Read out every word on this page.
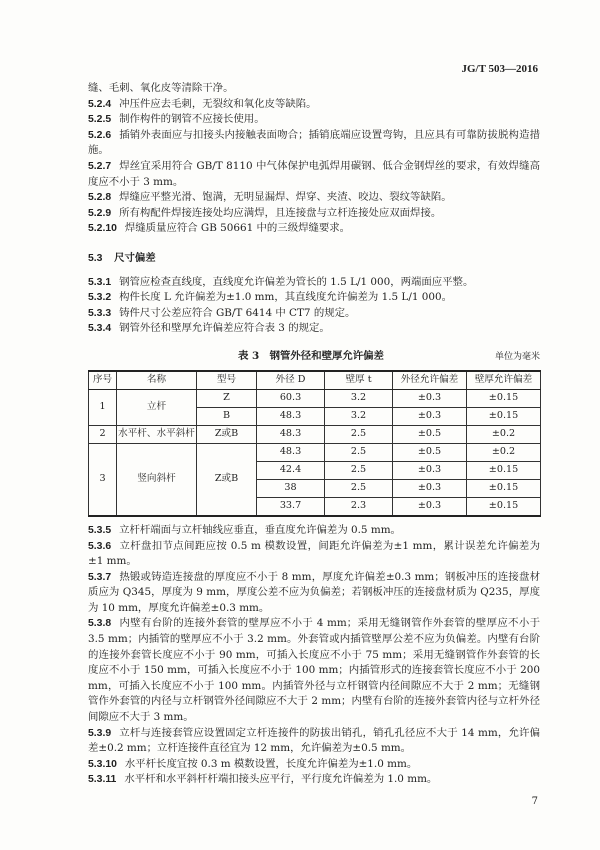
JG/T 503—2016

缝、毛刺、氧化皮等清除干净。

5.2.4 冲压件应去毛刺，无裂纹和氧化皮等缺陷。

5.2.5 制作构件的钢管不应接长使用。

5.2.6 插销外表面应与扣接头内接触表面吻合；插销底端应设置弯钩，且应具有可靠防拔脱构造措施。

5.2.7 焊丝宜采用符合 GB/T 8110 中气体保护电弧焊用碳钢、低合金钢焊丝的要求，有效焊缝高度应不小于 3 mm。

5.2.8 焊缝应平整光滑、饱满，无明显漏焊、焊穿、夹渣、咬边、裂纹等缺陷。

5.2.9 所有构配件焊接连接处均应满焊，且连接盘与立杆连接处应双面焊接。

5.2.10 焊缝质量应符合 GB 50661 中的三级焊缝要求。

5.3 尺寸偏差

5.3.1 钢管应检查直线度，直线度允许偏差为管长的 1.5 L/1 000，两端面应平整。

5.3.2 构件长度 L 允许偏差为±1.0 mm，其直线度允许偏差为 1.5 L/1 000。

5.3.3 铸件尺寸公差应符合 GB/T 6414 中 CT7 的规定。

5.3.4 钢管外径和壁厚允许偏差应符合表 3 的规定。

表 3　钢管外径和壁厚允许偏差	单位为毫米
序号	名称	型号	外径 D	壁厚 t	外径允许偏差	壁厚允许偏差
1	立杆	Z	60.3	3.2	±0.3	±0.15
		B	48.3	3.2	±0.3	±0.15
2	水平杆、水平斜杆	Z或B	48.3	2.5	±0.5	±0.2
3	竖向斜杆	Z或B	48.3	2.5	±0.5	±0.2
			42.4	2.5	±0.3	±0.15
			38	2.5	±0.3	±0.15
			33.7	2.3	±0.3	±0.15

5.3.5 立杆杆端面与立杆轴线应垂直，垂直度允许偏差为 0.5 mm。

5.3.6 立杆盘扣节点间距应按 0.5 m 模数设置，间距允许偏差为±1 mm，累计误差允许偏差为±1 mm。

5.3.7 热锻或铸造连接盘的厚度应不小于 8 mm，厚度允许偏差±0.3 mm；钢板冲压的连接盘材质应为 Q345，厚度为 9 mm，厚度公差不应为负偏差；若钢板冲压的连接盘材质为 Q235，厚度为 10 mm，厚度允许偏差±0.3 mm。

5.3.8 内壁有台阶的连接外套管的壁厚应不小于 4 mm；采用无缝钢管作外套管的壁厚应不小于 3.5 mm；内插管的壁厚应不小于 3.2 mm。外套管或内插管壁厚公差不应为负偏差。内壁有台阶的连接外套管长度应不小于 90 mm，可插入长度应不小于 75 mm；采用无缝钢管作外套管的长度应不小于 150 mm，可插入长度应不小于 100 mm；内插管形式的连接套管长度应不小于 200 mm，可插入长度应不小于 100 mm。内插管外径与立杆钢管内径间隙应不大于 2 mm；无缝钢管作外套管的内径与立杆钢管外径间隙应不大于 2 mm；内壁有台阶的连接外套管内径与立杆外径间隙应不大于 3 mm。

5.3.9 立杆与连接套管应设置固定立杆连接件的防拔出销孔，销孔孔径应不大于 14 mm，允许偏差±0.2 mm；立杆连接件直径宜为 12 mm，允许偏差为±0.5 mm。

5.3.10 水平杆长度宜按 0.3 m 模数设置，长度允许偏差为±1.0 mm。

5.3.11 水平杆和水平斜杆杆端扣接头应平行，平行度允许偏差为 1.0 mm。

7
